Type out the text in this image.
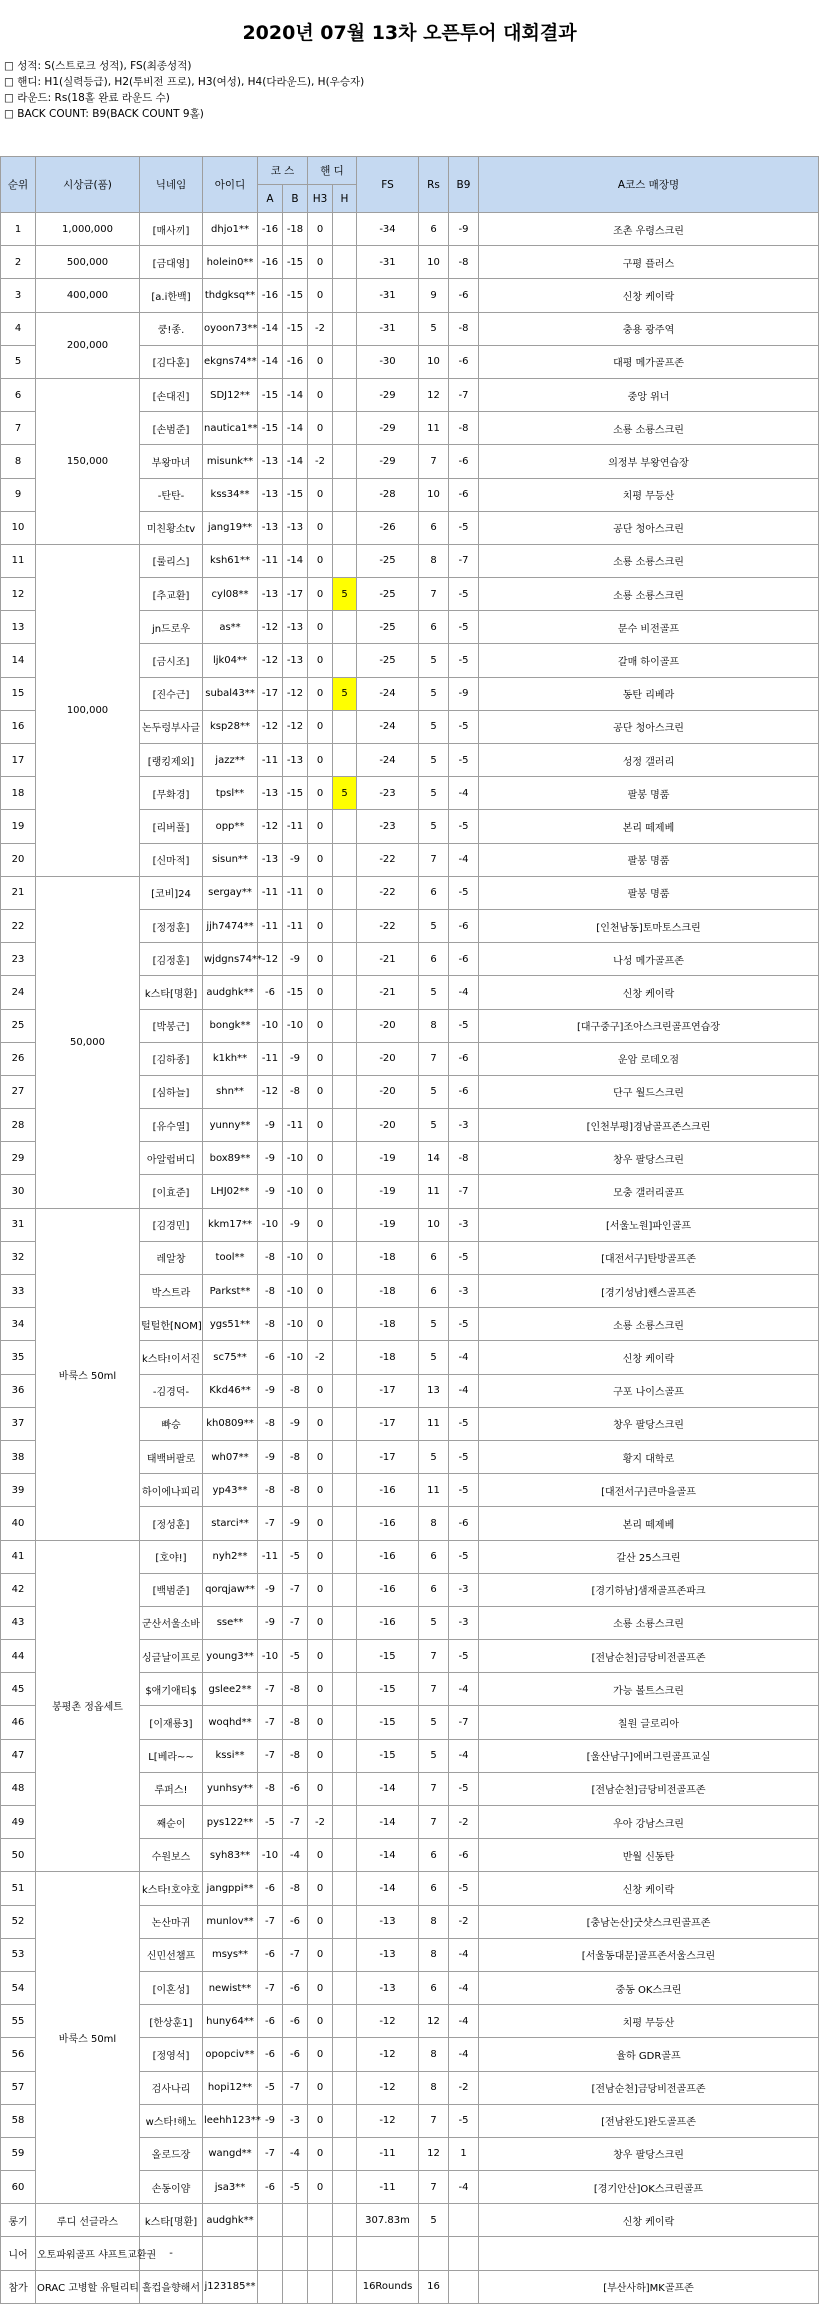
2020년 07월 13차 오픈투어 대회결과
□ 성적: S(스트로크 성적), FS(최종성적)
□ 핸디: H1(실력등급), H2(투비전 프로), H3(여성), H4(다라운드), H(우승자)
□ 라운드: Rs(18홀 완료 라운드 수)
□ BACK COUNT: B9(BACK COUNT 9홀)
순위	시상금(품)	닉네임	아이디	코 스		핸 디		FS	Rs	B9	A코스 매장명
				A	B	H3	H				
1	1,000,000	[매사끼]	dhjo1**	-16	-18	0		-34	6	-9	조촌 우령스크린
2	500,000	[금대영]	holein0**	-16	-15	0		-31	10	-8	구평 플러스
3	400,000	[a.i한백]	thdgksq**	-16	-15	0		-31	9	-6	신창 케이락
4	200,000	쿵!종.	oyoon73**	-14	-15	-2		-31	5	-8	충용 광주역
5		[김다훈]	ekgns74**	-14	-16	0		-30	10	-6	대평 메가골프존
6	150,000	[손대진]	SDJ12**	-15	-14	0		-29	12	-7	중앙 위너
7		[손범준]	nautica1**	-15	-14	0		-29	11	-8	소룡 소룡스크린
8		부왕마녀	misunk**	-13	-14	-2		-29	7	-6	의정부 부왕연습장
9		-탄탄-	kss34**	-13	-15	0		-28	10	-6	치평 무등산
10		미친황소tv	jang19**	-13	-13	0		-26	6	-5	공단 청아스크린
11	100,000	[룰리스]	ksh61**	-11	-14	0		-25	8	-7	소룡 소룡스크린
12		[추교환]	cyl08**	-13	-17	0	5	-25	7	-5	소룡 소룡스크린
13		jn드로우	as**	-12	-13	0		-25	6	-5	문수 비전골프
14		[금시조]	ljk04**	-12	-13	0		-25	5	-5	갈매 하이골프
15		[진수근]	subal43**	-17	-12	0	5	-24	5	-9	동탄 리베라
16		논두렁부사글	ksp28**	-12	-12	0		-24	5	-5	공단 청아스크린
17		[랭킹제외]	jazz**	-11	-13	0		-24	5	-5	성정 갤러리
18		[무화경]	tpsl**	-13	-15	0	5	-23	5	-4	팔봉 명품
19		[리버풀]	opp**	-12	-11	0		-23	5	-5	본리 떼제베
20		[신마적]	sisun**	-13	-9	0		-22	7	-4	팔봉 명품
21	50,000	[코비]24	sergay**	-11	-11	0		-22	6	-5	팔봉 명품
22		[정정훈]	jjh7474**	-11	-11	0		-22	5	-6	[인천남동]토마토스크린
23		[김정훈]	wjdgns74**	-12	-9	0		-21	6	-6	나성 메가골프존
24		k스타[명환]	audghk**	-6	-15	0		-21	5	-4	신창 케이락
25		[박봉근]	bongk**	-10	-10	0		-20	8	-5	[대구중구]조아스크린골프연습장
26		[김하종]	k1kh**	-11	-9	0		-20	7	-6	운암 로데오점
27		[심하늘]	shn**	-12	-8	0		-20	5	-6	단구 월드스크린
28		[유수열]	yunny**	-9	-11	0		-20	5	-3	[인천부평]경남골프존스크린
29		아알럽버디	box89**	-9	-10	0		-19	14	-8	창우 팔당스크린
30		[이효준]	LHJ02**	-9	-10	0		-19	11	-7	모충 갤러리골프
31	바룩스 50ml	[김경민]	kkm17**	-10	-9	0		-19	10	-3	[서울노원]파인골프
32		레알창	tool**	-8	-10	0		-18	6	-5	[대전서구]탄방골프존
33		박스트라	Parkst**	-8	-10	0		-18	6	-3	[경기성남]쎈스골프존
34		털털한[NOM]	ygs51**	-8	-10	0		-18	5	-5	소룡 소룡스크린
35		k스타!이서진	sc75**	-6	-10	-2		-18	5	-4	신창 케이락
36		-김경덕-	Kkd46**	-9	-8	0		-17	13	-4	구포 나이스골프
37		빠승	kh0809**	-8	-9	0		-17	11	-5	창우 팔당스크린
38		태백버팔로	wh07**	-9	-8	0		-17	5	-5	황지 대학로
39		하이에나피리	yp43**	-8	-8	0		-16	11	-5	[대전서구]큰마을골프
40		[정성훈]	starci**	-7	-9	0		-16	8	-6	본리 떼제베
41	봉평촌 정옵세트	[호야!]	nyh2**	-11	-5	0		-16	6	-5	갈산 25스크린
42		[백범준]	qorqjaw**	-9	-7	0		-16	6	-3	[경기하남]샘재골프존파크
43		군산서울소바	sse**	-9	-7	0		-16	5	-3	소룡 소룡스크린
44		싱글날이프로	young3**	-10	-5	0		-15	7	-5	[전남순천]금당비전골프존
45		$애기애티$	gslee2**	-7	-8	0		-15	7	-4	가능 볼트스크린
46		[이재룡3]	woqhd**	-7	-8	0		-15	5	-7	칠원 글로리아
47		L[베라~~	kssi**	-7	-8	0		-15	5	-4	[울산남구]에버그린골프교실
48		루퍼스!	yunhsy**	-8	-6	0		-14	7	-5	[전남순천]금당비전골프존
49		째순이	pys122**	-5	-7	-2		-14	7	-2	우아 강남스크린
50		수원보스	syh83**	-10	-4	0		-14	6	-6	반월 신동탄
51	바룩스 50ml	k스타!호야호	jangppi**	-6	-8	0		-14	6	-5	신창 케이락
52		논산마귀	munlov**	-7	-6	0		-13	8	-2	[충남논산]굿샷스크린골프존
53		신민선챔프	msys**	-6	-7	0		-13	8	-4	[서울동대문]골프존서울스크린
54		[이혼성]	newist**	-7	-6	0		-13	6	-4	중동 OK스크린
55		[한상훈1]	huny64**	-6	-6	0		-12	12	-4	치평 무등산
56		[정영석]	opopciv**	-6	-6	0		-12	8	-4	율하 GDR골프
57		검사나리	hopi12**	-5	-7	0		-12	8	-2	[전남순천]금당비전골프존
58		w스타!해노	leehh123**	-9	-3	0		-12	7	-5	[전남완도]완도골프존
59		올로드장	wangd**	-7	-4	0		-11	12	1	창우 팔당스크린
60		손동이얌	jsa3**	-6	-5	0		-11	7	-4	[경기안산]OK스크린골프
롱기	루디 선글라스	k스타[명환]	audghk**					307.83m	5		신창 케이락
니어	오토파워골프 샤프트교환권	-									
참가	ORAC 고병할 유틸리티	홀컵을향해서	j123185**					16Rounds	16		[부산사하]MK골프존
